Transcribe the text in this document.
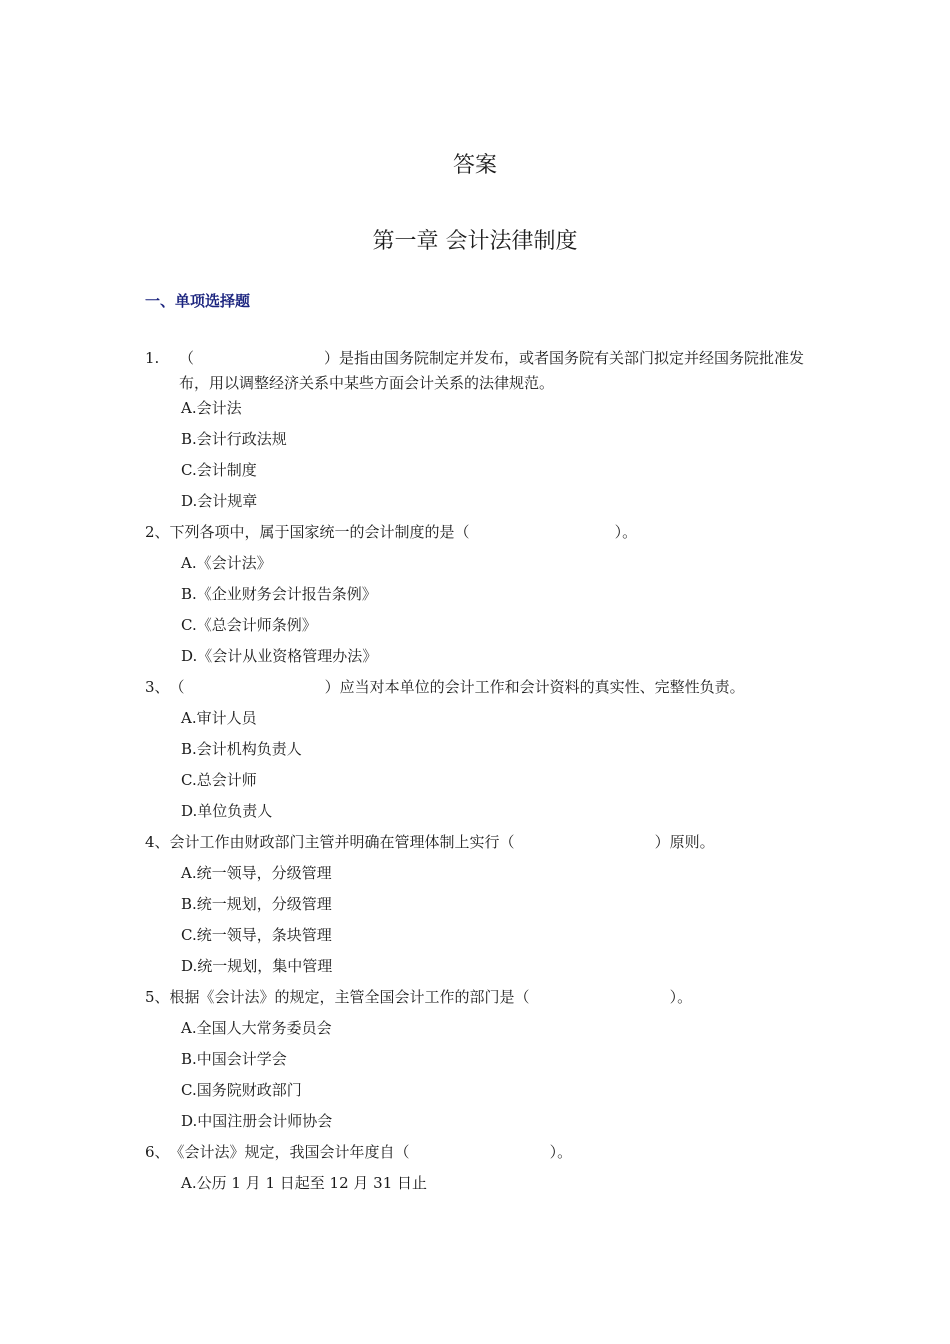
答案
第一章 会计法律制度
一、单项选择题
1.	（	）是指由国务院制定并发布，或者国务院有关部门拟定并经国务院批准发布，用以调整经济关系中某些方面会计关系的法律规范。
A.会计法
B.会计行政法规
C.会计制度
D.会计规章
2、下列各项中，属于国家统一的会计制度的是（	）。
A.《会计法》
B.《企业财务会计报告条例》
C.《总会计师条例》
D.《会计从业资格管理办法》
3、（	）应当对本单位的会计工作和会计资料的真实性、完整性负责。
A.审计人员
B.会计机构负责人
C.总会计师
D.单位负责人
4、会计工作由财政部门主管并明确在管理体制上实行（	）原则。
A.统一领导，分级管理
B.统一规划，分级管理
C.统一领导，条块管理
D.统一规划，集中管理
5、根据《会计法》的规定，主管全国会计工作的部门是（	）。
A.全国人大常务委员会
B.中国会计学会
C.国务院财政部门
D.中国注册会计师协会
6、《会计法》规定，我国会计年度自（	）。
A.公历 1 月 1 日起至 12 月 31 日止
